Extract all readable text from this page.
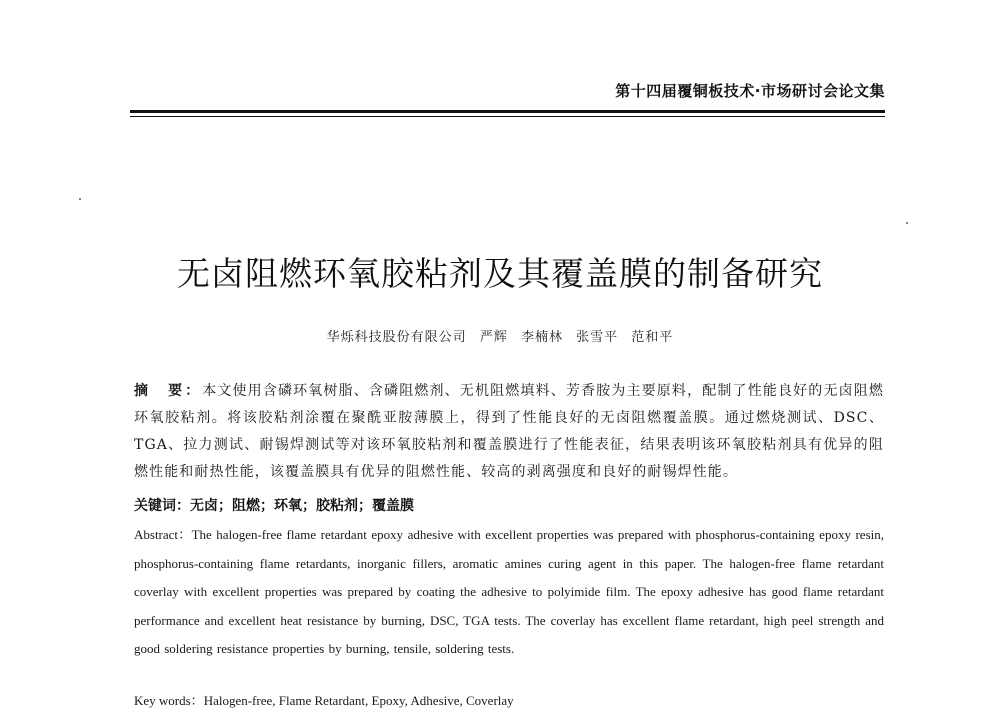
第十四届覆铜板技术·市场研讨会论文集
无卤阻燃环氧胶粘剂及其覆盖膜的制备研究
华烁科技股份有限公司 严辉 李楠林 张雪平 范和平
摘　要：本文使用含磷环氧树脂、含磷阻燃剂、无机阻燃填料、芳香胺为主要原料，配制了性能良好的无卤阻燃环氧胶粘剂。将该胶粘剂涂覆在聚酰亚胺薄膜上，得到了性能良好的无卤阻燃覆盖膜。通过燃烧测试、DSC、TGA、拉力测试、耐锡焊测试等对该环氧胶粘剂和覆盖膜进行了性能表征，结果表明该环氧胶粘剂具有优异的阻燃性能和耐热性能，该覆盖膜具有优异的阻燃性能、较高的剥离强度和良好的耐锡焊性能。
关键词：无卤；阻燃；环氧；胶粘剂；覆盖膜
Abstract：The halogen-free flame retardant epoxy adhesive with excellent properties was prepared with phosphorus-containing epoxy resin, phosphorus-containing flame retardants, inorganic fillers, aromatic amines curing agent in this paper. The halogen-free flame retardant coverlay with excellent properties was prepared by coating the adhesive to polyimide film. The epoxy adhesive has good flame retardant performance and excellent heat resistance by burning, DSC, TGA tests. The coverlay has excellent flame retardant, high peel strength and good soldering resistance properties by burning, tensile, soldering tests.
Key words：Halogen-free, Flame Retardant, Epoxy, Adhesive, Coverlay
